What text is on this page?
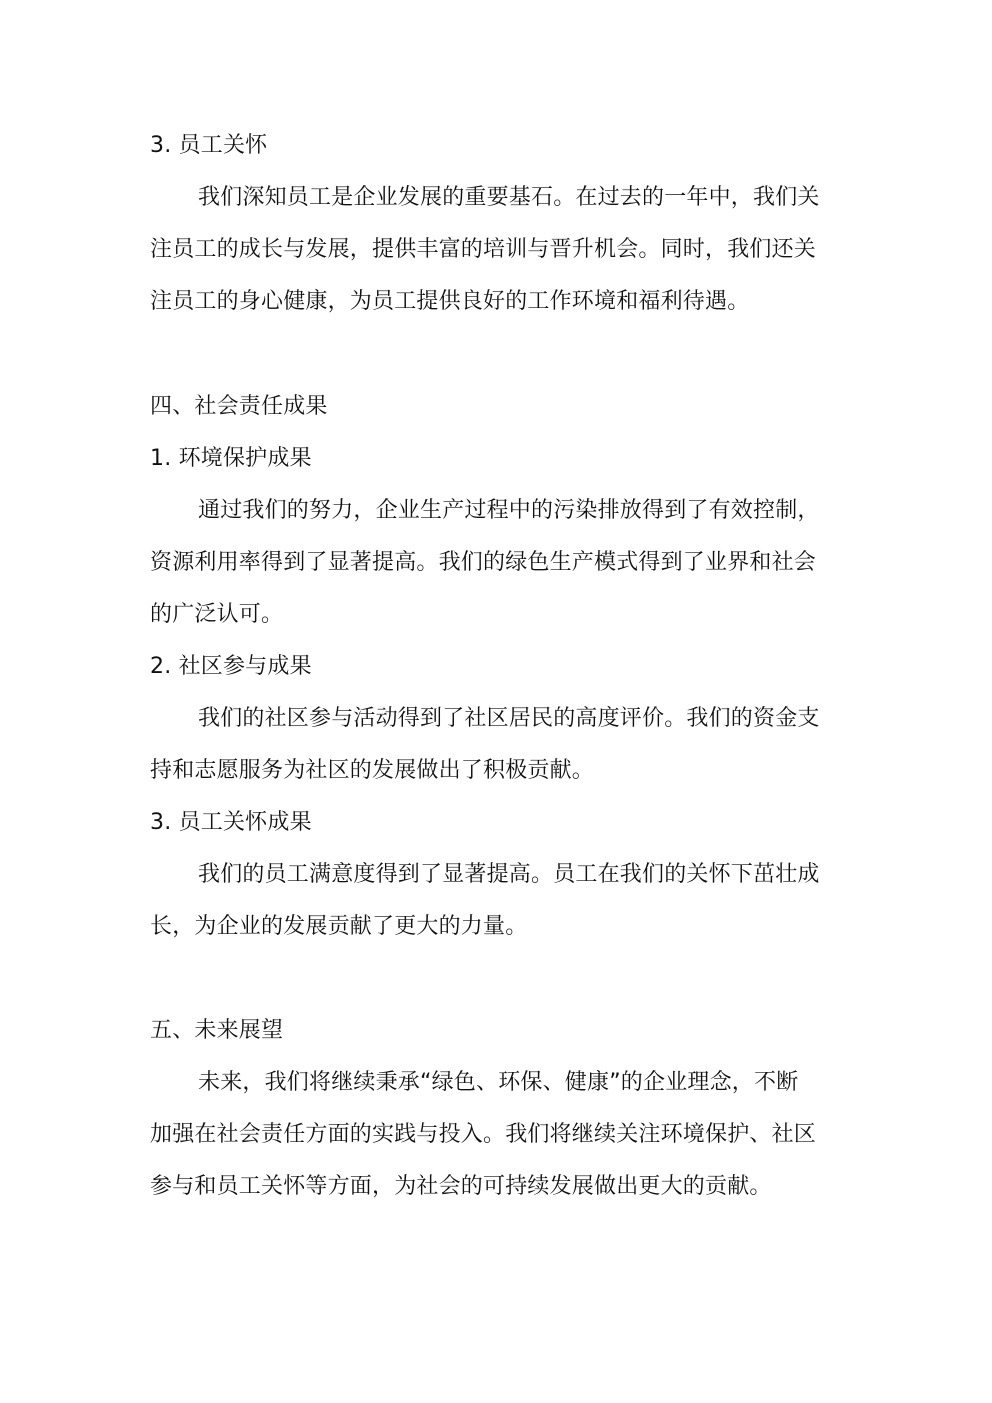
3. 员工关怀
我们深知员工是企业发展的重要基石。在过去的一年中，我们关
注员工的成长与发展，提供丰富的培训与晋升机会。同时，我们还关
注员工的身心健康，为员工提供良好的工作环境和福利待遇。
四、社会责任成果
1. 环境保护成果
通过我们的努力，企业生产过程中的污染排放得到了有效控制，
资源利用率得到了显著提高。我们的绿色生产模式得到了业界和社会
的广泛认可。
2. 社区参与成果
我们的社区参与活动得到了社区居民的高度评价。我们的资金支
持和志愿服务为社区的发展做出了积极贡献。
3. 员工关怀成果
我们的员工满意度得到了显著提高。员工在我们的关怀下茁壮成
长，为企业的发展贡献了更大的力量。
五、未来展望
未来，我们将继续秉承“绿色、环保、健康”的企业理念，不断
加强在社会责任方面的实践与投入。我们将继续关注环境保护、社区
参与和员工关怀等方面，为社会的可持续发展做出更大的贡献。
